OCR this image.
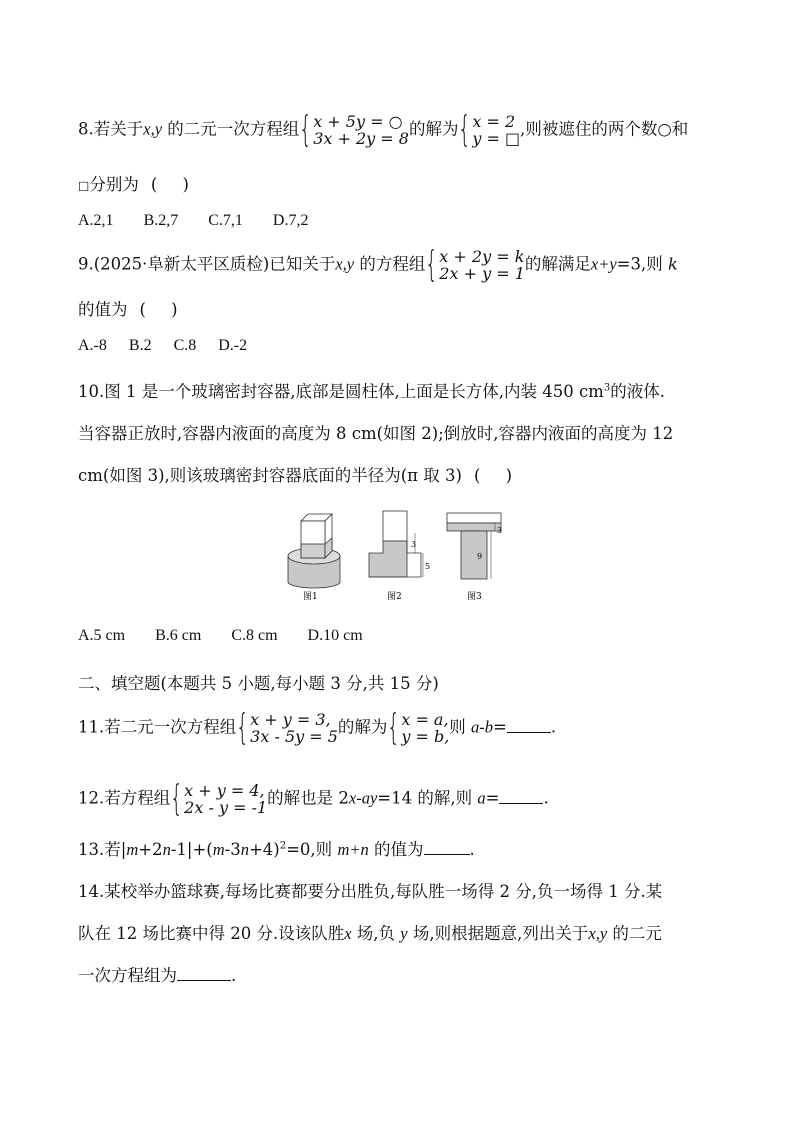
8.若关于x,y 的二元一次方程组 { x + 5y = ○
3x + 2y = 8 的解为 { x = 2
y = □ ,则被遮住的两个数○和
□分别为 ( )
A.2,1 B.2,7 C.7,1 D.7,2
9.(2025·阜新太平区质检)已知关于x,y 的方程组 { x + 2y = k
2x + y = 1 的解满足x+y=3,则 k
的值为 ( )
A.-8 B.2 C.8 D.-2
10.图 1 是一个玻璃密封容器,底部是圆柱体,上面是长方体,内装 450 $cm^3$的液体.
当容器正放时,容器内液面的高度为 8 cm(如图 2);倒放时,容器内液面的高度为 12
cm(如图 3),则该玻璃密封容器底面的半径为(π 取 3) ( )
图1	图2	图3
3
5
3
9
A.5 cm B.6 cm C.8 cm D.10 cm
二、填空题(本题共 5 小题,每小题 3 分,共 15 分)
11.若二元一次方程组 { x + y = 3,
3x - 5y = 5 的解为 { x = a,
y = b, 则 a-b=	.
12.若方程组 { x + y = 4,
2x - y = -1 的解也是 2x-ay=14 的解,则 a=	.
13.若$|m+2n-1|+(m-3n+4)^2=0$,则 m+n 的值为	.
14.某校举办篮球赛,每场比赛都要分出胜负,每队胜一场得 2 分,负一场得 1 分.某
队在 12 场比赛中得 20 分.设该队胜x 场,负 y 场,则根据题意,列出关于x,y 的二元
一次方程组为	.
